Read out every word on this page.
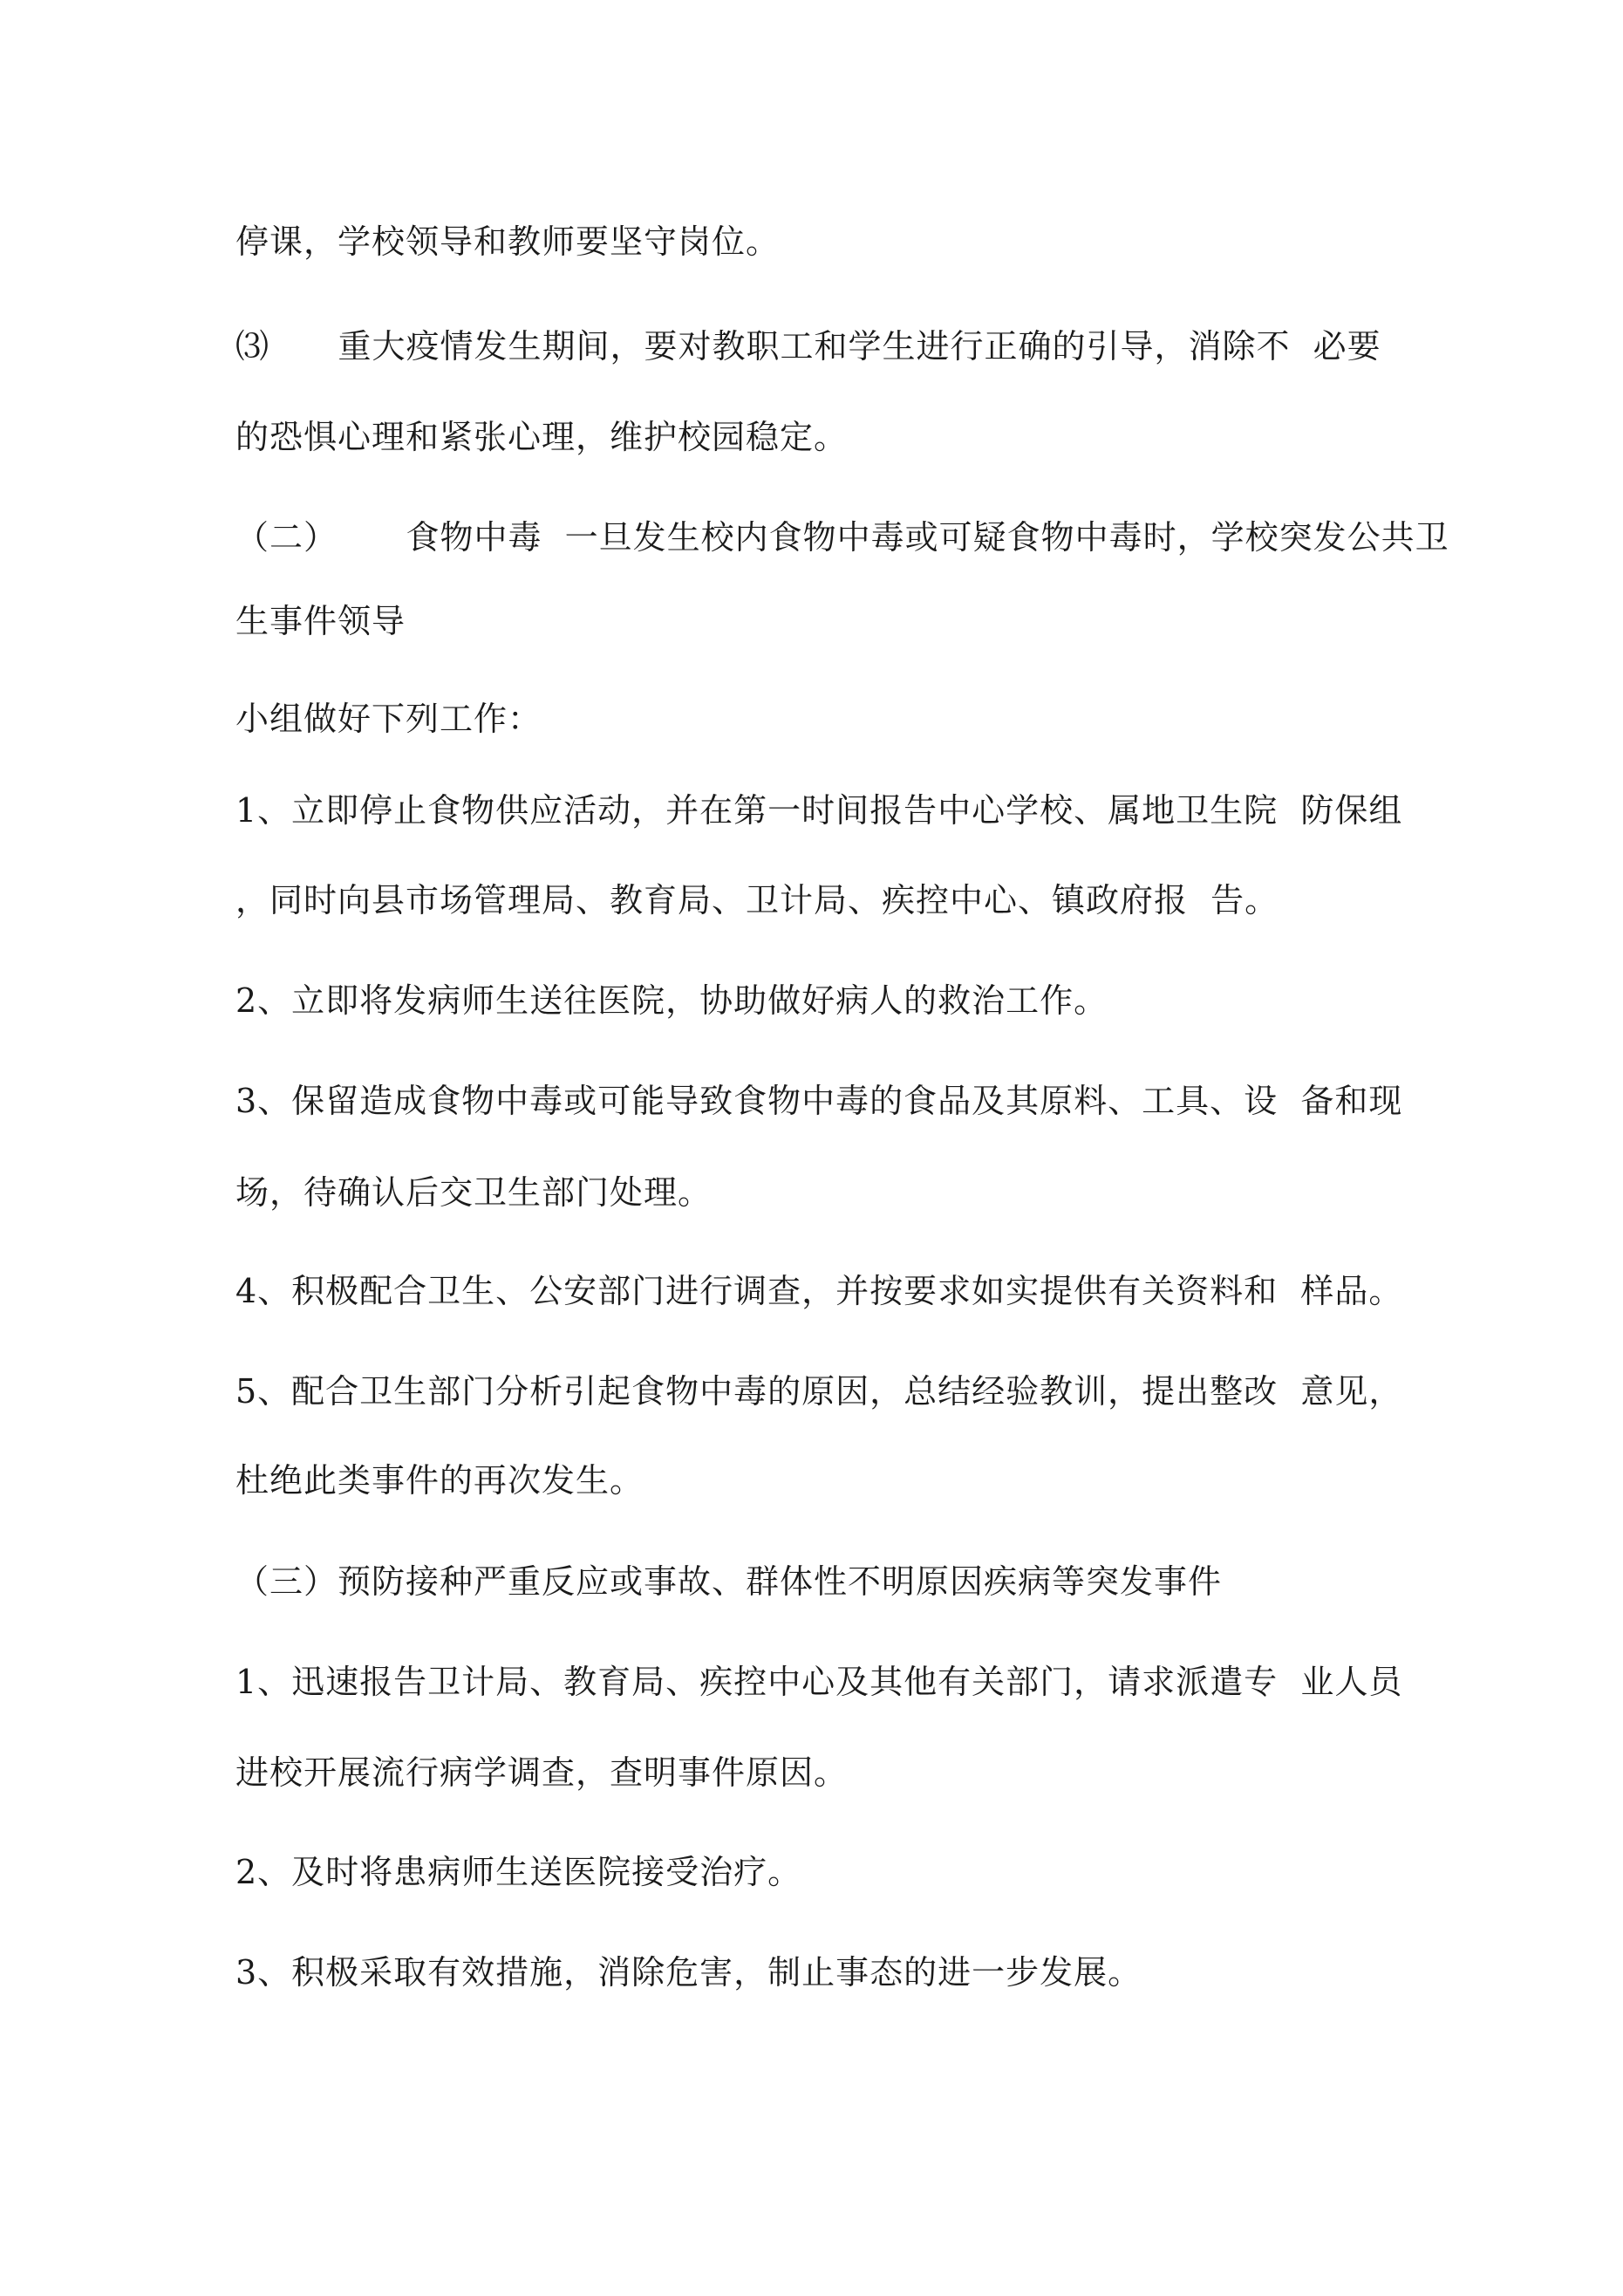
停课，学校领导和教师要坚守岗位。
⑶      重大疫情发生期间，要对教职工和学生进行正确的引导，消除不  必要
的恐惧心理和紧张心理，维护校园稳定。
（二）      食物中毒  一旦发生校内食物中毒或可疑食物中毒时，学校突发公共卫
生事件领导
小组做好下列工作：
1、立即停止食物供应活动，并在第一时间报告中心学校、属地卫生院  防保组
，同时向县市场管理局、教育局、卫计局、疾控中心、镇政府报  告。
2、立即将发病师生送往医院，协助做好病人的救治工作。
3、保留造成食物中毒或可能导致食物中毒的食品及其原料、工具、设  备和现
场，待确认后交卫生部门处理。
4、积极配合卫生、公安部门进行调查，并按要求如实提供有关资料和  样品。
5、配合卫生部门分析引起食物中毒的原因，总结经验教训，提出整改  意见，
杜绝此类事件的再次发生。
（三）预防接种严重反应或事故、群体性不明原因疾病等突发事件
1、迅速报告卫计局、教育局、疾控中心及其他有关部门，请求派遣专  业人员
进校开展流行病学调查，查明事件原因。
2、及时将患病师生送医院接受治疗。
3、积极采取有效措施，消除危害，制止事态的进一步发展。
